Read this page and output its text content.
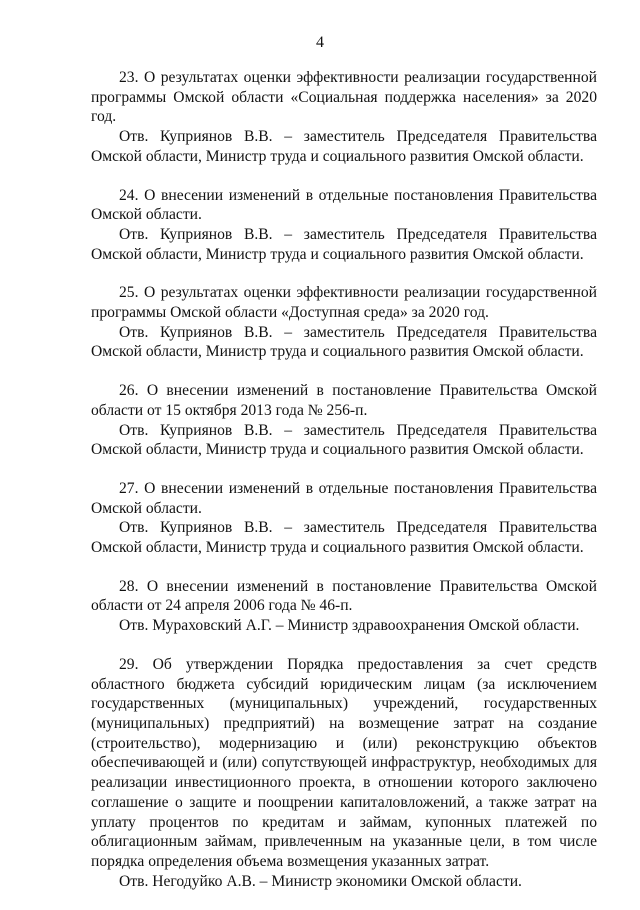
4

23. О результатах оценки эффективности реализации государственной программы Омской области «Социальная поддержка населения» за 2020 год.

Отв. Куприянов В.В. – заместитель Председателя Правительства Омской области, Министр труда и социального развития Омской области.

24. О внесении изменений в отдельные постановления Правительства Омской области.

Отв. Куприянов В.В. – заместитель Председателя Правительства Омской области, Министр труда и социального развития Омской области.

25. О результатах оценки эффективности реализации государственной программы Омской области «Доступная среда» за 2020 год.

Отв. Куприянов В.В. – заместитель Председателя Правительства Омской области, Министр труда и социального развития Омской области.

26. О внесении изменений в постановление Правительства Омской области от 15 октября 2013 года № 256-п.

Отв. Куприянов В.В. – заместитель Председателя Правительства Омской области, Министр труда и социального развития Омской области.

27. О внесении изменений в отдельные постановления Правительства Омской области.

Отв. Куприянов В.В. – заместитель Председателя Правительства Омской области, Министр труда и социального развития Омской области.

28. О внесении изменений в постановление Правительства Омской области от 24 апреля 2006 года № 46-п.

Отв. Мураховский А.Г. – Министр здравоохранения Омской области.

29. Об утверждении Порядка предоставления за счет средств областного бюджета субсидий юридическим лицам (за исключением государственных (муниципальных) учреждений, государственных (муниципальных) предприятий) на возмещение затрат на создание (строительство), модернизацию и (или) реконструкцию объектов обеспечивающей и (или) сопутствующей инфраструктур, необходимых для реализации инвестиционного проекта, в отношении которого заключено соглашение о защите и поощрении капиталовложений, а также затрат на уплату процентов по кредитам и займам, купонных платежей по облигационным займам, привлеченным на указанные цели, в том числе порядка определения объема возмещения указанных затрат.

Отв. Негодуйко А.В. – Министр экономики Омской области.
